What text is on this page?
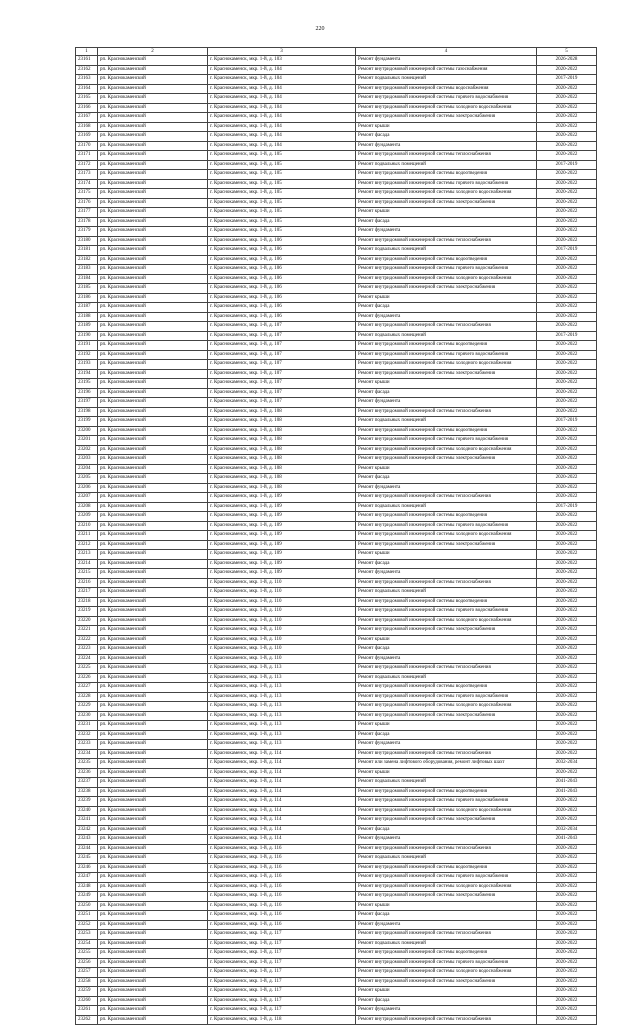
220
1	2	3	4	5
23161	рп. Краснокаменский	г. Краснокаменск, мкр. 1-й, д. 103	Ремонт фундамента	2026-2028
23162	рп. Краснокаменский	г. Краснокаменск, мкр. 1-й, д. 104	Ремонт внутридомовой инженерной системы газоснабжения	2020-2022
23163	рп. Краснокаменский	г. Краснокаменск, мкр. 1-й, д. 104	Ремонт подвальных помещений	2017-2019
23164	рп. Краснокаменский	г. Краснокаменск, мкр. 1-й, д. 104	Ремонт внутридомовой инженерной системы водоснабжения	2020-2022
23165	рп. Краснокаменский	г. Краснокаменск, мкр. 1-й, д. 104	Ремонт внутридомовой инженерной системы горячего водоснабжения	2020-2022
23166	рп. Краснокаменский	г. Краснокаменск, мкр. 1-й, д. 104	Ремонт внутридомовой инженерной системы холодного водоснабжения	2020-2022
23167	рп. Краснокаменский	г. Краснокаменск, мкр. 1-й, д. 104	Ремонт внутридомовой инженерной системы электроснабжения	2020-2022
23168	рп. Краснокаменский	г. Краснокаменск, мкр. 1-й, д. 104	Ремонт крыши	2020-2022
23169	рп. Краснокаменский	г. Краснокаменск, мкр. 1-й, д. 104	Ремонт фасада	2020-2022
23170	рп. Краснокаменский	г. Краснокаменск, мкр. 1-й, д. 104	Ремонт фундамента	2020-2022
23171	рп. Краснокаменский	г. Краснокаменск, мкр. 1-й, д. 105	Ремонт внутридомовой инженерной системы теплоснабжения	2020-2022
23172	рп. Краснокаменский	г. Краснокаменск, мкр. 1-й, д. 105	Ремонт подвальных помещений	2017-2019
23173	рп. Краснокаменский	г. Краснокаменск, мкр. 1-й, д. 105	Ремонт внутридомовой инженерной системы водоотведения	2020-2022
23174	рп. Краснокаменский	г. Краснокаменск, мкр. 1-й, д. 105	Ремонт внутридомовой инженерной системы горячего водоснабжения	2020-2022
23175	рп. Краснокаменский	г. Краснокаменск, мкр. 1-й, д. 105	Ремонт внутридомовой инженерной системы холодного водоснабжения	2020-2022
23176	рп. Краснокаменский	г. Краснокаменск, мкр. 1-й, д. 105	Ремонт внутридомовой инженерной системы электроснабжения	2020-2022
23177	рп. Краснокаменский	г. Краснокаменск, мкр. 1-й, д. 105	Ремонт крыши	2020-2022
23178	рп. Краснокаменский	г. Краснокаменск, мкр. 1-й, д. 105	Ремонт фасада	2020-2022
23179	рп. Краснокаменский	г. Краснокаменск, мкр. 1-й, д. 105	Ремонт фундамента	2020-2022
23180	рп. Краснокаменский	г. Краснокаменск, мкр. 1-й, д. 106	Ремонт внутридомовой инженерной системы теплоснабжения	2020-2022
23181	рп. Краснокаменский	г. Краснокаменск, мкр. 1-й, д. 106	Ремонт подвальных помещений	2017-2019
23182	рп. Краснокаменский	г. Краснокаменск, мкр. 1-й, д. 106	Ремонт внутридомовой инженерной системы водоотведения	2020-2022
23183	рп. Краснокаменский	г. Краснокаменск, мкр. 1-й, д. 106	Ремонт внутридомовой инженерной системы горячего водоснабжения	2020-2022
23184	рп. Краснокаменский	г. Краснокаменск, мкр. 1-й, д. 106	Ремонт внутридомовой инженерной системы холодного водоснабжения	2020-2022
23185	рп. Краснокаменский	г. Краснокаменск, мкр. 1-й, д. 106	Ремонт внутридомовой инженерной системы электроснабжения	2020-2022
23186	рп. Краснокаменский	г. Краснокаменск, мкр. 1-й, д. 106	Ремонт крыши	2020-2022
23187	рп. Краснокаменский	г. Краснокаменск, мкр. 1-й, д. 106	Ремонт фасада	2020-2022
23188	рп. Краснокаменский	г. Краснокаменск, мкр. 1-й, д. 106	Ремонт фундамента	2020-2022
23189	рп. Краснокаменский	г. Краснокаменск, мкр. 1-й, д. 107	Ремонт внутридомовой инженерной системы теплоснабжения	2020-2022
23190	рп. Краснокаменский	г. Краснокаменск, мкр. 1-й, д. 107	Ремонт подвальных помещений	2017-2019
23191	рп. Краснокаменский	г. Краснокаменск, мкр. 1-й, д. 107	Ремонт внутридомовой инженерной системы водоотведения	2020-2022
23192	рп. Краснокаменский	г. Краснокаменск, мкр. 1-й, д. 107	Ремонт внутридомовой инженерной системы горячего водоснабжения	2020-2022
23193	рп. Краснокаменский	г. Краснокаменск, мкр. 1-й, д. 107	Ремонт внутридомовой инженерной системы холодного водоснабжения	2020-2022
23194	рп. Краснокаменский	г. Краснокаменск, мкр. 1-й, д. 107	Ремонт внутридомовой инженерной системы электроснабжения	2020-2022
23195	рп. Краснокаменский	г. Краснокаменск, мкр. 1-й, д. 107	Ремонт крыши	2020-2022
23196	рп. Краснокаменский	г. Краснокаменск, мкр. 1-й, д. 107	Ремонт фасада	2020-2022
23197	рп. Краснокаменский	г. Краснокаменск, мкр. 1-й, д. 107	Ремонт фундамента	2020-2022
23198	рп. Краснокаменский	г. Краснокаменск, мкр. 1-й, д. 108	Ремонт внутридомовой инженерной системы теплоснабжения	2020-2022
23199	рп. Краснокаменский	г. Краснокаменск, мкр. 1-й, д. 108	Ремонт подвальных помещений	2017-2019
23200	рп. Краснокаменский	г. Краснокаменск, мкр. 1-й, д. 108	Ремонт внутридомовой инженерной системы водоотведения	2020-2022
23201	рп. Краснокаменский	г. Краснокаменск, мкр. 1-й, д. 108	Ремонт внутридомовой инженерной системы горячего водоснабжения	2020-2022
23202	рп. Краснокаменский	г. Краснокаменск, мкр. 1-й, д. 108	Ремонт внутридомовой инженерной системы холодного водоснабжения	2020-2022
23203	рп. Краснокаменский	г. Краснокаменск, мкр. 1-й, д. 108	Ремонт внутридомовой инженерной системы электроснабжения	2020-2022
23204	рп. Краснокаменский	г. Краснокаменск, мкр. 1-й, д. 108	Ремонт крыши	2020-2022
23205	рп. Краснокаменский	г. Краснокаменск, мкр. 1-й, д. 108	Ремонт фасада	2020-2022
23206	рп. Краснокаменский	г. Краснокаменск, мкр. 1-й, д. 108	Ремонт фундамента	2020-2022
23207	рп. Краснокаменский	г. Краснокаменск, мкр. 1-й, д. 109	Ремонт внутридомовой инженерной системы теплоснабжения	2020-2022
23208	рп. Краснокаменский	г. Краснокаменск, мкр. 1-й, д. 109	Ремонт подвальных помещений	2017-2019
23209	рп. Краснокаменский	г. Краснокаменск, мкр. 1-й, д. 109	Ремонт внутридомовой инженерной системы водоотведения	2020-2022
23210	рп. Краснокаменский	г. Краснокаменск, мкр. 1-й, д. 109	Ремонт внутридомовой инженерной системы горячего водоснабжения	2020-2022
23211	рп. Краснокаменский	г. Краснокаменск, мкр. 1-й, д. 109	Ремонт внутридомовой инженерной системы холодного водоснабжения	2020-2022
23212	рп. Краснокаменский	г. Краснокаменск, мкр. 1-й, д. 109	Ремонт внутридомовой инженерной системы электроснабжения	2020-2022
23213	рп. Краснокаменский	г. Краснокаменск, мкр. 1-й, д. 109	Ремонт крыши	2020-2022
23214	рп. Краснокаменский	г. Краснокаменск, мкр. 1-й, д. 109	Ремонт фасада	2020-2022
23215	рп. Краснокаменский	г. Краснокаменск, мкр. 1-й, д. 109	Ремонт фундамента	2020-2022
23216	рп. Краснокаменский	г. Краснокаменск, мкр. 1-й, д. 110	Ремонт внутридомовой инженерной системы теплоснабжения	2020-2022
23217	рп. Краснокаменский	г. Краснокаменск, мкр. 1-й, д. 110	Ремонт подвальных помещений	2020-2022
23218	рп. Краснокаменский	г. Краснокаменск, мкр. 1-й, д. 110	Ремонт внутридомовой инженерной системы водоотведения	2020-2022
23219	рп. Краснокаменский	г. Краснокаменск, мкр. 1-й, д. 110	Ремонт внутридомовой инженерной системы горячего водоснабжения	2020-2022
23220	рп. Краснокаменский	г. Краснокаменск, мкр. 1-й, д. 110	Ремонт внутридомовой инженерной системы холодного водоснабжения	2020-2022
23221	рп. Краснокаменский	г. Краснокаменск, мкр. 1-й, д. 110	Ремонт внутридомовой инженерной системы электроснабжения	2020-2022
23222	рп. Краснокаменский	г. Краснокаменск, мкр. 1-й, д. 110	Ремонт крыши	2020-2022
23223	рп. Краснокаменский	г. Краснокаменск, мкр. 1-й, д. 110	Ремонт фасада	2020-2022
23224	рп. Краснокаменский	г. Краснокаменск, мкр. 1-й, д. 110	Ремонт фундамента	2020-2022
23225	рп. Краснокаменский	г. Краснокаменск, мкр. 1-й, д. 113	Ремонт внутридомовой инженерной системы теплоснабжения	2020-2022
23226	рп. Краснокаменский	г. Краснокаменск, мкр. 1-й, д. 113	Ремонт подвальных помещений	2020-2022
23227	рп. Краснокаменский	г. Краснокаменск, мкр. 1-й, д. 113	Ремонт внутридомовой инженерной системы водоотведения	2020-2022
23228	рп. Краснокаменский	г. Краснокаменск, мкр. 1-й, д. 113	Ремонт внутридомовой инженерной системы горячего водоснабжения	2020-2022
23229	рп. Краснокаменский	г. Краснокаменск, мкр. 1-й, д. 113	Ремонт внутридомовой инженерной системы холодного водоснабжения	2020-2022
23230	рп. Краснокаменский	г. Краснокаменск, мкр. 1-й, д. 113	Ремонт внутридомовой инженерной системы электроснабжения	2020-2022
23231	рп. Краснокаменский	г. Краснокаменск, мкр. 1-й, д. 113	Ремонт крыши	2020-2022
23232	рп. Краснокаменский	г. Краснокаменск, мкр. 1-й, д. 113	Ремонт фасада	2020-2022
23233	рп. Краснокаменский	г. Краснокаменск, мкр. 1-й, д. 113	Ремонт фундамента	2020-2022
23234	рп. Краснокаменский	г. Краснокаменск, мкр. 1-й, д. 114	Ремонт внутридомовой инженерной системы теплоснабжения	2020-2022
23235	рп. Краснокаменский	г. Краснокаменск, мкр. 1-й, д. 114	Ремонт или замена лифтового оборудования, ремонт лифтовых шахт	2032-2034
23236	рп. Краснокаменский	г. Краснокаменск, мкр. 1-й, д. 114	Ремонт крыши	2020-2022
23237	рп. Краснокаменский	г. Краснокаменск, мкр. 1-й, д. 114	Ремонт подвальных помещений	2041-2043
23238	рп. Краснокаменский	г. Краснокаменск, мкр. 1-й, д. 114	Ремонт внутридомовой инженерной системы водоотведения	2041-2043
23239	рп. Краснокаменский	г. Краснокаменск, мкр. 1-й, д. 114	Ремонт внутридомовой инженерной системы горячего водоснабжения	2020-2022
23240	рп. Краснокаменский	г. Краснокаменск, мкр. 1-й, д. 114	Ремонт внутридомовой инженерной системы холодного водоснабжения	2020-2022
23241	рп. Краснокаменский	г. Краснокаменск, мкр. 1-й, д. 114	Ремонт внутридомовой инженерной системы электроснабжения	2020-2022
23242	рп. Краснокаменский	г. Краснокаменск, мкр. 1-й, д. 114	Ремонт фасада	2032-2034
23243	рп. Краснокаменский	г. Краснокаменск, мкр. 1-й, д. 114	Ремонт фундамента	2041-2043
23244	рп. Краснокаменский	г. Краснокаменск, мкр. 1-й, д. 116	Ремонт внутридомовой инженерной системы теплоснабжения	2020-2022
23245	рп. Краснокаменский	г. Краснокаменск, мкр. 1-й, д. 116	Ремонт подвальных помещений	2020-2022
23246	рп. Краснокаменский	г. Краснокаменск, мкр. 1-й, д. 116	Ремонт внутридомовой инженерной системы водоотведения	2020-2022
23247	рп. Краснокаменский	г. Краснокаменск, мкр. 1-й, д. 116	Ремонт внутридомовой инженерной системы горячего водоснабжения	2020-2022
23248	рп. Краснокаменский	г. Краснокаменск, мкр. 1-й, д. 116	Ремонт внутридомовой инженерной системы холодного водоснабжения	2020-2022
23249	рп. Краснокаменский	г. Краснокаменск, мкр. 1-й, д. 116	Ремонт внутридомовой инженерной системы электроснабжения	2020-2022
23250	рп. Краснокаменский	г. Краснокаменск, мкр. 1-й, д. 116	Ремонт крыши	2020-2022
23251	рп. Краснокаменский	г. Краснокаменск, мкр. 1-й, д. 116	Ремонт фасада	2020-2022
23252	рп. Краснокаменский	г. Краснокаменск, мкр. 1-й, д. 116	Ремонт фундамента	2020-2022
23253	рп. Краснокаменский	г. Краснокаменск, мкр. 1-й, д. 117	Ремонт внутридомовой инженерной системы теплоснабжения	2020-2022
23254	рп. Краснокаменский	г. Краснокаменск, мкр. 1-й, д. 117	Ремонт подвальных помещений	2020-2022
23255	рп. Краснокаменский	г. Краснокаменск, мкр. 1-й, д. 117	Ремонт внутридомовой инженерной системы водоотведения	2020-2022
23256	рп. Краснокаменский	г. Краснокаменск, мкр. 1-й, д. 117	Ремонт внутридомовой инженерной системы горячего водоснабжения	2020-2022
23257	рп. Краснокаменский	г. Краснокаменск, мкр. 1-й, д. 117	Ремонт внутридомовой инженерной системы холодного водоснабжения	2020-2022
23258	рп. Краснокаменский	г. Краснокаменск, мкр. 1-й, д. 117	Ремонт внутридомовой инженерной системы электроснабжения	2020-2022
23259	рп. Краснокаменский	г. Краснокаменск, мкр. 1-й, д. 117	Ремонт крыши	2020-2022
23260	рп. Краснокаменский	г. Краснокаменск, мкр. 1-й, д. 117	Ремонт фасада	2020-2022
23261	рп. Краснокаменский	г. Краснокаменск, мкр. 1-й, д. 117	Ремонт фундамента	2020-2022
23262	рп. Краснокаменский	г. Краснокаменск, мкр. 1-й, д. 118	Ремонт внутридомовой инженерной системы теплоснабжения	2020-2022
